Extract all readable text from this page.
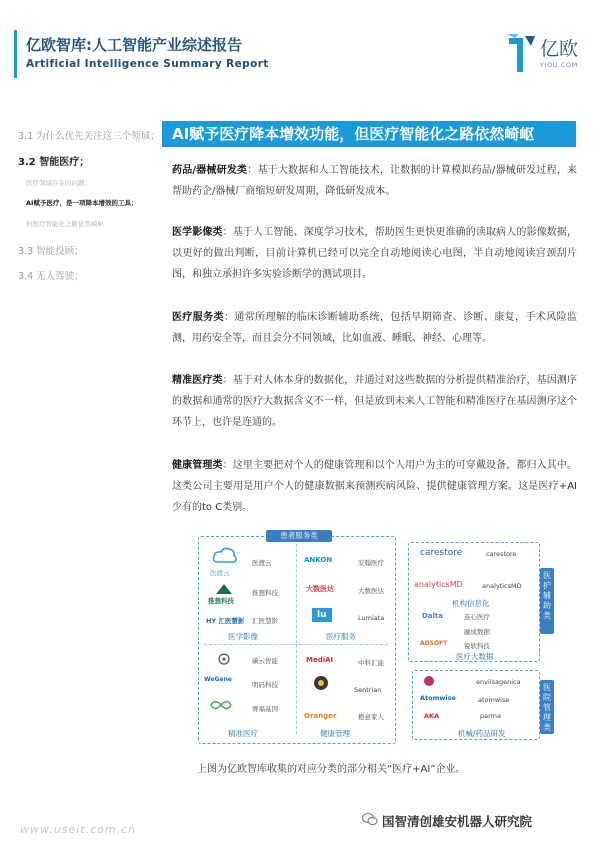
亿欧智库:人工智能产业综述报告
Artificial Intelligence Summary Report
亿欧
YIOU.COM
3.1 为什么优先关注这三个领域；
3.2 智能医疗；
医疗领域存在的问题；
AI赋予医疗，是一项降本增效的工具；
但医疗智能化之路依然崎岖
3.3 智能投顾；
3.4 无人驾驶；
AI赋予医疗降本增效功能，但医疗智能化之路依然崎岖
药品/器械研发类：基于大数据和人工智能技术，让数据的计算模拟药品/器械研发过程，来帮助药企/器械厂商缩短研发周期，降低研发成本。
医学影像类：基于人工智能、深度学习技术，帮助医生更快更准确的读取病人的影像数据，以更好的做出判断，目前计算机已经可以完全自动地阅读心电图，半自动地阅读宫颈刮片图，和独立承担许多实验诊断学的测试项目。
医疗服务类：通常所理解的临床诊断辅助系统，包括早期筛查、诊断、康复，手术风险监测，用药安全等，而且会分不同领域，比如血液、睡眠、神经、心理等。
精准医疗类：基于对人体本身的数据化，并通过对这些数据的分析提供精准治疗，基因测序的数据和通常的医疗大数据含义不一样，但是放到未来人工智能和精准医疗在基因测序这个环节上，也许是连通的。
健康管理类：这里主要把对个人的健康管理和以个人用户为主的可穿戴设备，都归入其中。这类公司主要用是用户个人的健康数据来预测疾病风险、提供健康管理方案。这是医疗+AI少有的to C类别。
患者服务类
医渡云
医渡云
推想科技
推想科技
HY 汇医慧影 汇医慧影
医学影像
ANKON	安翰医疗
大数医达	大数医达
lu	Lumiata
医疗服务
碳云智能
WeGene
明码科技
赛福基因
精准医疗
MediAI	中科汇能
Sentrian
Oranger	橙意家人
健康管理
医护辅助类
carestore	carestore
analyticsMD	analyticsMD
机构信息化
Dalta	连心医疗
融成数据
ADSOFT	锐软科技
医疗大数据
医院管理类
enviisagenica
Atomwise	atomwise
AKA	parma
机械/药品研发
上图为亿欧智库收集的对应分类的部分相关“医疗+AI”企业。
www.useit.com.cn
国智清创雄安机器人研究院
